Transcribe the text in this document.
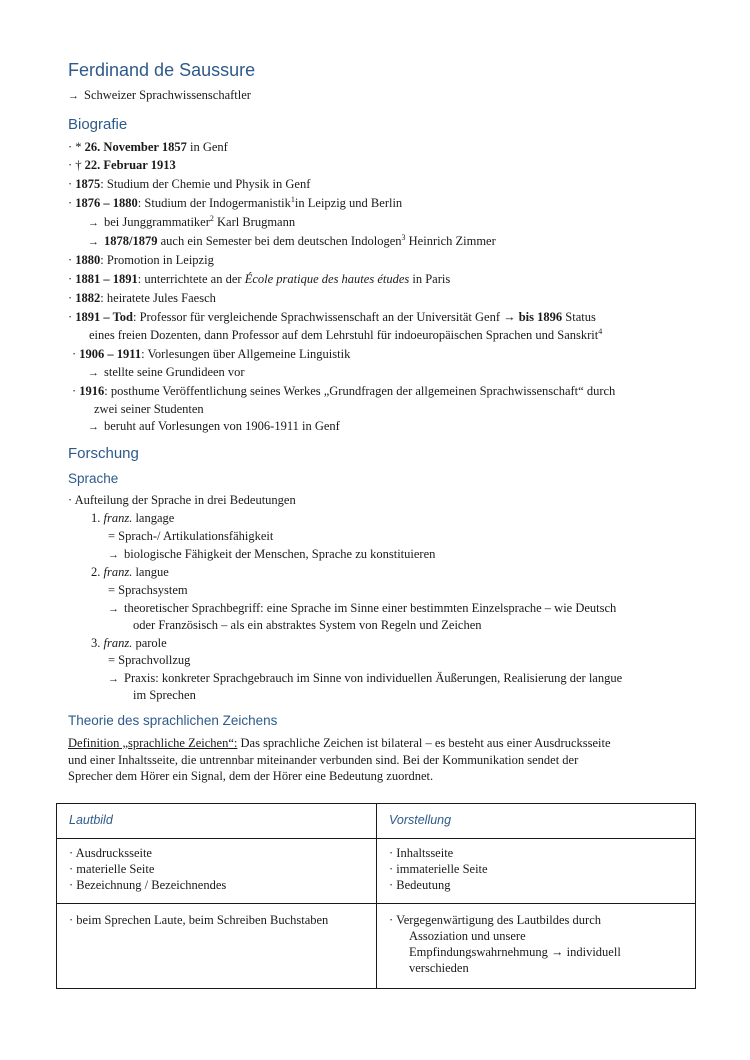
Ferdinand de Saussure
→ Schweizer Sprachwissenschaftler
Biografie
· * 26. November 1857 in Genf
· † 22. Februar 1913
· 1875: Studium der Chemie und Physik in Genf
· 1876 – 1880: Studium der Indogermanistik$^1$in Leipzig und Berlin
→ bei Junggrammatiker$^2$ Karl Brugmann
→ 1878/1879 auch ein Semester bei dem deutschen Indologen$^3$ Heinrich Zimmer
· 1880: Promotion in Leipzig
· 1881 – 1891: unterrichtete an der École pratique des hautes études in Paris
· 1882: heiratete Jules Faesch
· 1891 – Tod: Professor für vergleichende Sprachwissenschaft an der Universität Genf → bis 1896 Status
eines freien Dozenten, dann Professor auf dem Lehrstuhl für indoeuropäischen Sprachen und Sanskrit$^4$
· 1906 – 1911: Vorlesungen über Allgemeine Linguistik
→ stellte seine Grundideen vor
· 1916: posthume Veröffentlichung seines Werkes „Grundfragen der allgemeinen Sprachwissenschaft“ durch
zwei seiner Studenten
→ beruht auf Vorlesungen von 1906-1911 in Genf
Forschung
Sprache
· Aufteilung der Sprache in drei Bedeutungen
1. franz. langage
= Sprach-/ Artikulationsfähigkeit
→ biologische Fähigkeit der Menschen, Sprache zu konstituieren
2. franz. langue
= Sprachsystem
→ theoretischer Sprachbegriff: eine Sprache im Sinne einer bestimmten Einzelsprache – wie Deutsch
oder Französisch – als ein abstraktes System von Regeln und Zeichen
3. franz. parole
= Sprachvollzug
→ Praxis: konkreter Sprachgebrauch im Sinne von individuellen Äußerungen, Realisierung der langue
im Sprechen
Theorie des sprachlichen Zeichens
Definition „sprachliche Zeichen“: Das sprachliche Zeichen ist bilateral – es besteht aus einer Ausdrucksseite
und einer Inhaltsseite, die untrennbar miteinander verbunden sind. Bei der Kommunikation sendet der
Sprecher dem Hörer ein Signal, dem der Hörer eine Bedeutung zuordnet.
Lautbild	Vorstellung
· Ausdrucksseite
· materielle Seite
· Bezeichnung / Bezeichnendes	· Inhaltsseite
· immaterielle Seite
· Bedeutung
· beim Sprechen Laute, beim Schreiben Buchstaben	· Vergegenwärtigung des Lautbildes durch

Assoziation und unsere
Empfindungswahrnehmung → individuell
verschieden
